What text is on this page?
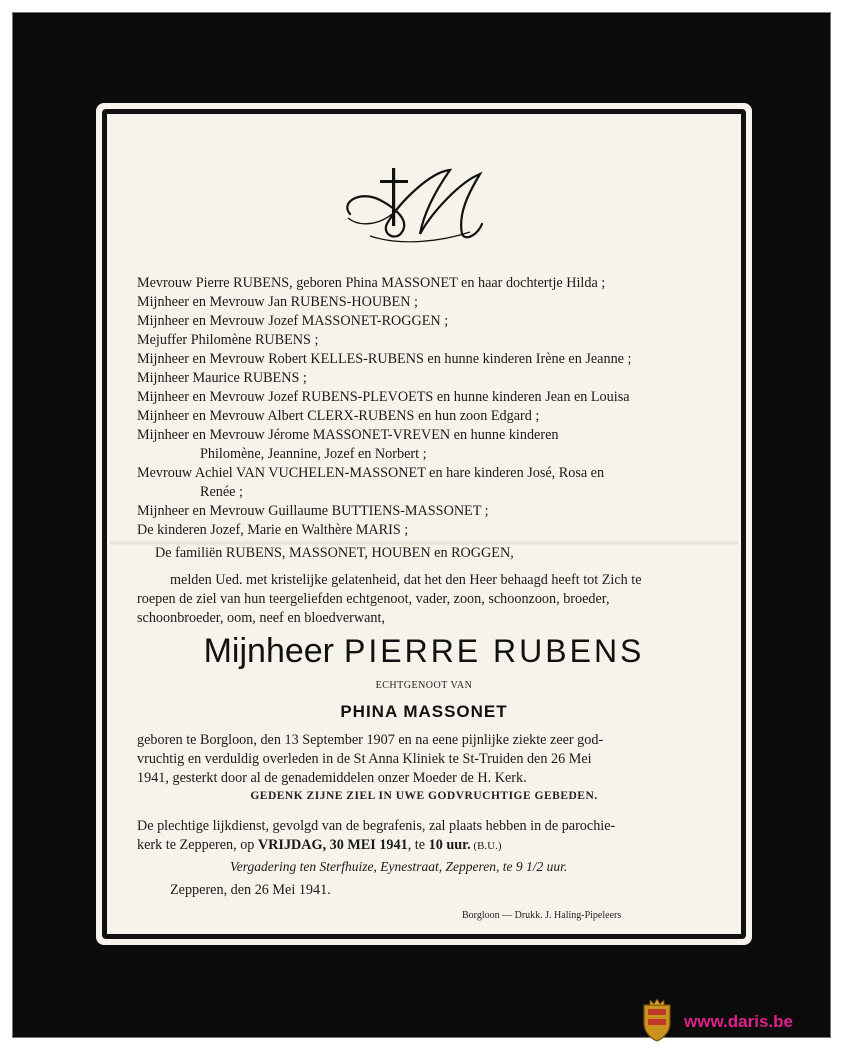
Mevrouw Pierre RUBENS, geboren Phina MASSONET en haar dochtertje Hilda ;

Mijnheer en Mevrouw Jan RUBENS-HOUBEN ;

Mijnheer en Mevrouw Jozef MASSONET-ROGGEN ;

Mejuffer Philomène RUBENS ;

Mijnheer en Mevrouw Robert KELLES-RUBENS en hunne kinderen Irène en Jeanne ;

Mijnheer Maurice RUBENS ;

Mijnheer en Mevrouw Jozef RUBENS-PLEVOETS en hunne kinderen Jean en Louisa

Mijnheer en Mevrouw Albert CLERX-RUBENS en hun zoon Edgard ;

Mijnheer en Mevrouw Jérome MASSONET-VREVEN en hunne kinderen

Philomène, Jeannine, Jozef en Norbert ;

Mevrouw Achiel VAN VUCHELEN-MASSONET en hare kinderen José, Rosa en

Renée ;

Mijnheer en Mevrouw Guillaume BUTTIENS-MASSONET ;

De kinderen Jozef, Marie en Walthère MARIS ;

De familiën RUBENS, MASSONET, HOUBEN en ROGGEN,
melden Ued. met kristelijke gelatenheid, dat het den Heer behaagd heeft tot Zich te
roepen de ziel van hun teergeliefden echtgenoot, vader, zoon, schoonzoon, broeder,
schoonbroeder, oom, neef en bloedverwant,
Mijnheer PIERRE RUBENS
ECHTGENOOT VAN
PHINA MASSONET
geboren te Borgloon, den 13 September 1907 en na eene pijnlijke ziekte zeer god-
vruchtig en verduldig overleden in de St Anna Kliniek te St-Truiden den 26 Mei
1941, gesterkt door al de genademiddelen onzer Moeder de H. Kerk.
GEDENK ZIJNE ZIEL IN UWE GODVRUCHTIGE GEBEDEN.
De plechtige lijkdienst, gevolgd van de begrafenis, zal plaats hebben in de parochie-
kerk te Zepperen, op VRIJDAG, 30 MEI 1941, te 10 uur. (B.U.)
Vergadering ten Sterfhuize, Eynestraat, Zepperen, te 9 1/2 uur.
Zepperen, den 26 Mei 1941.
Borgloon — Drukk. J. Haling-Pipeleers
www.daris.be
